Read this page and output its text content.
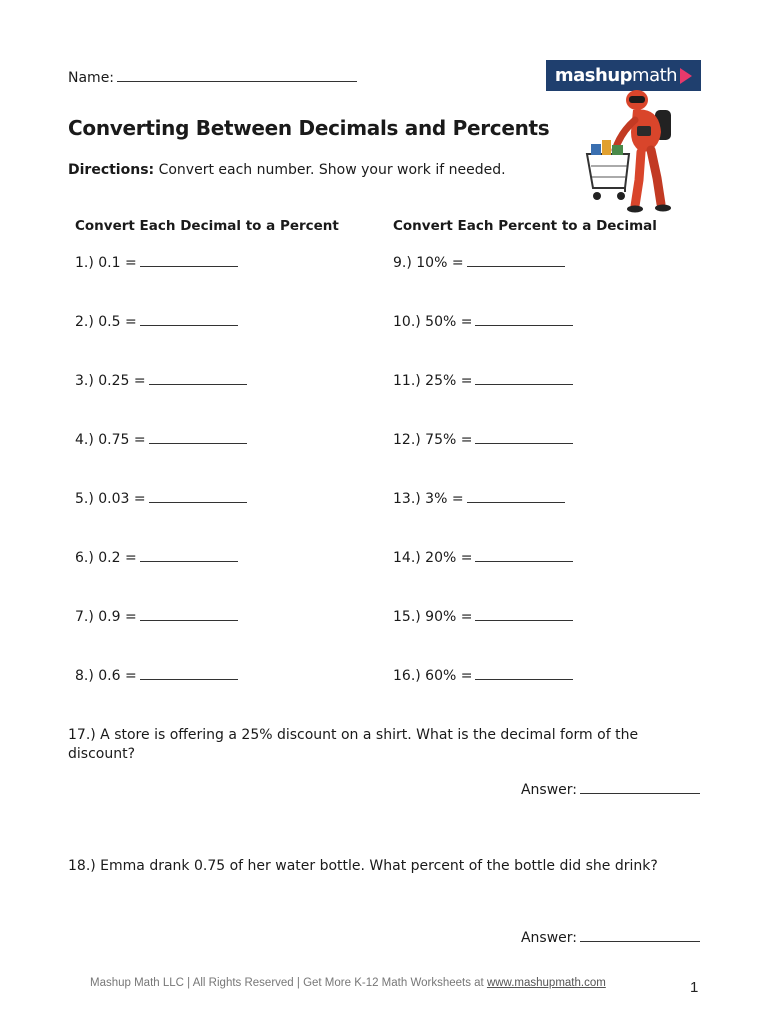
Name:	mashupmath
Converting Between Decimals and Percents
Directions: Convert each number. Show your work if needed.
Convert Each Decimal to a Percent	Convert Each Percent to a Decimal
1.) 0.1 =
2.) 0.5 =
3.) 0.25 =
4.) 0.75 =
5.) 0.03 =
6.) 0.2 =
7.) 0.9 =
8.) 0.6 =
9.) 10% =
10.) 50% =
11.) 25% =
12.) 75% =
13.) 3% =
14.) 20% =
15.) 90% =
16.) 60% =
17.) A store is offering a 25% discount on a shirt. What is the decimal form of the discount?
Answer:
18.) Emma drank 0.75 of her water bottle. What percent of the bottle did she drink?
Answer:
Mashup Math LLC | All Rights Reserved | Get More K-12 Math Worksheets at www.mashupmath.com	1
